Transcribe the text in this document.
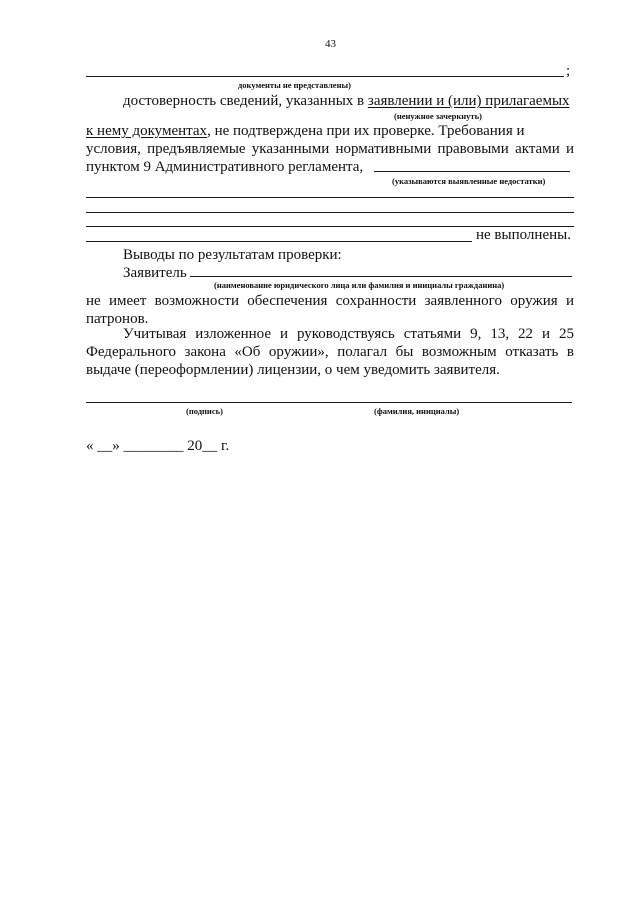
43
;
документы не представлены)
достоверность сведений, указанных в заявлении и (или) прилагаемых
(ненужное зачеркнуть)
к нему документах, не подтверждена при их проверке. Требования и
условия, предъявляемые указанными нормативными правовыми актами и
пунктом 9 Административного регламента,
(указываются выявленные недостатки)
не выполнены.
Выводы по результатам проверки:
Заявитель
(наименование юридического лица или фамилия и инициалы гражданина)
не имеет возможности обеспечения сохранности заявленного оружия и
патронов.
Учитывая изложенное и руководствуясь статьями 9, 13, 22 и 25
Федерального закона «Об оружии», полагал бы возможным отказать в
выдаче (переоформлении) лицензии, о чем уведомить заявителя.
(подпись)	(фамилия, инициалы)
« __» ________ 20__ г.
